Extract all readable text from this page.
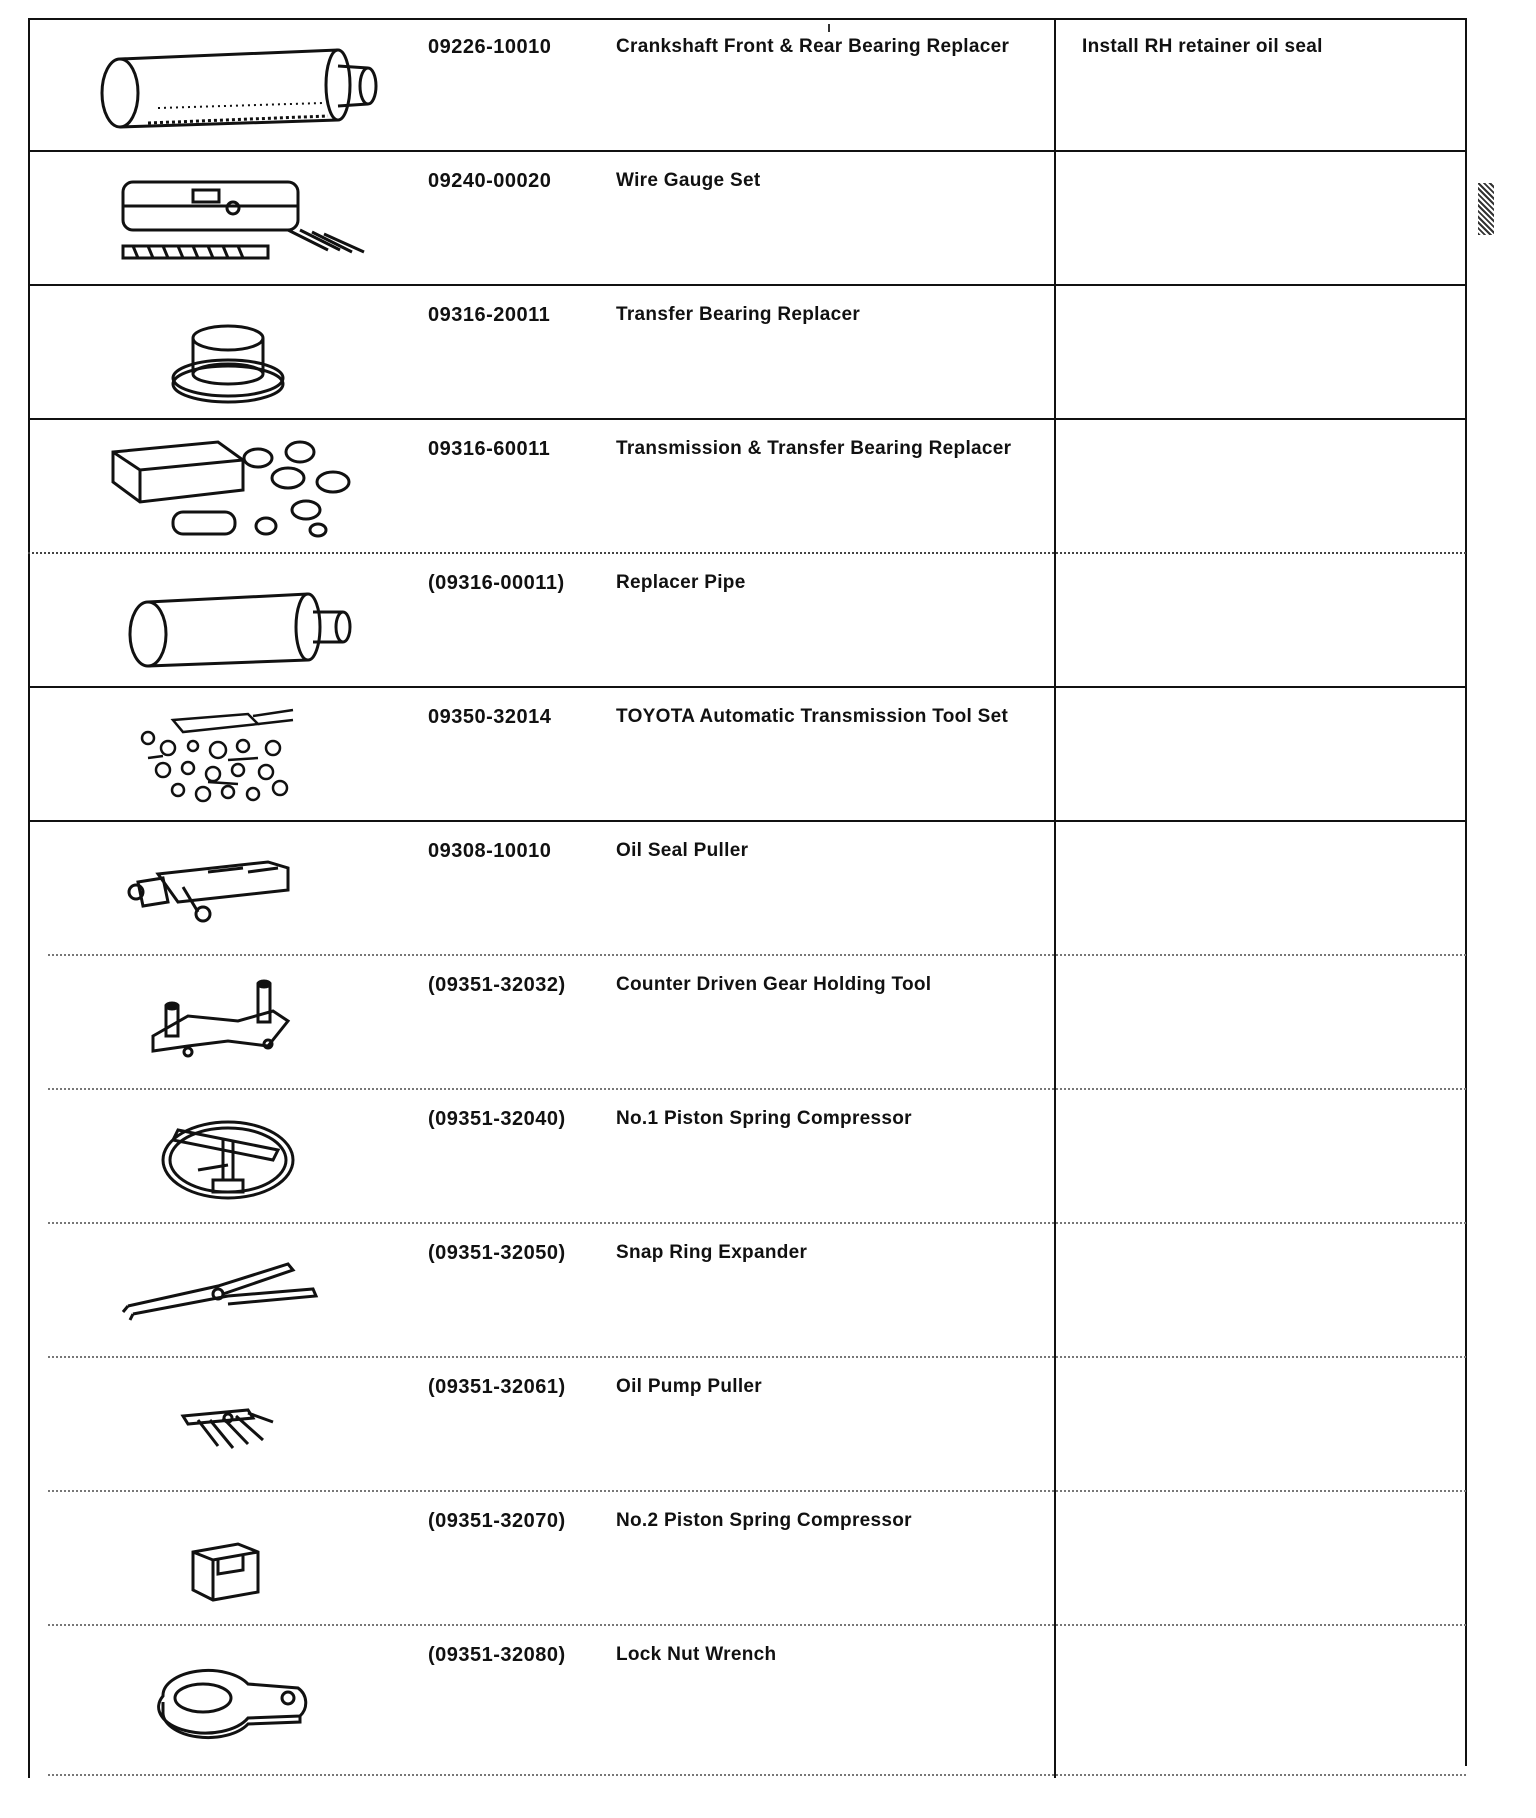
09226-10010	Crankshaft Front & Rear Bearing Replacer	Install RH retainer oil seal
09240-00020	Wire Gauge Set
09316-20011	Transfer Bearing Replacer
09316-60011	Transmission & Transfer Bearing Replacer
(09316-00011)	Replacer Pipe
09350-32014	TOYOTA Automatic Transmission Tool Set
09308-10010	Oil Seal Puller
(09351-32032)	Counter Driven Gear Holding Tool
(09351-32040)	No.1 Piston Spring Compressor
(09351-32050)	Snap Ring Expander
(09351-32061)	Oil Pump Puller
(09351-32070)	No.2 Piston Spring Compressor
(09351-32080)	Lock Nut Wrench
